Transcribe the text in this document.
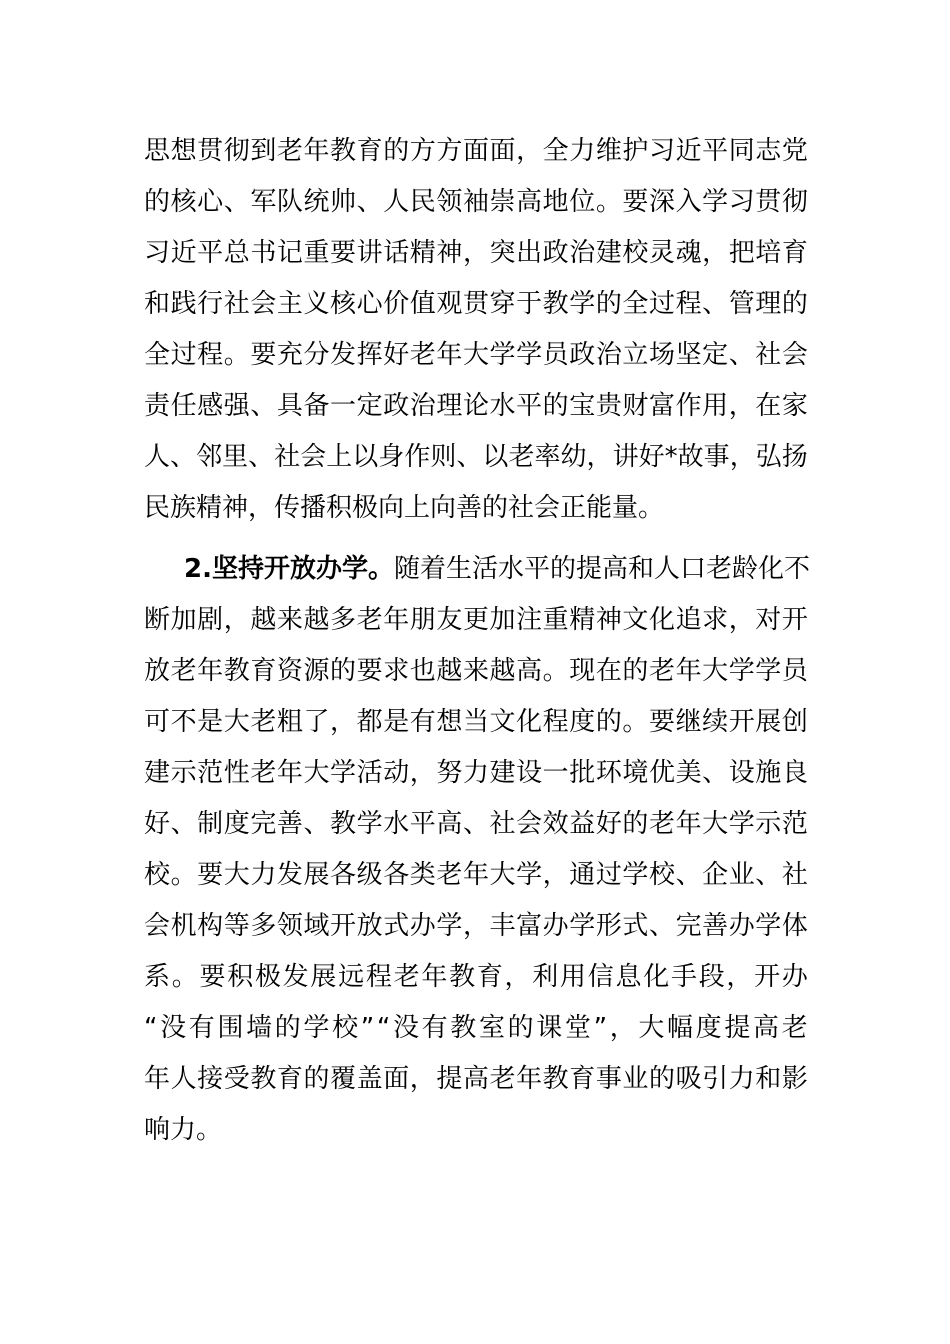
思 想 贯 彻 到 老 年 教 育 的 方 方 面 面 ， 全 力 维 护 习 近 平 同 志 党
的 核 心 、 军 队 统 帅 、 人 民 领 袖 崇 高 地 位 。 要 深 入 学 习 贯 彻
习 近 平 总 书 记 重 要 讲 话 精 神 ， 突 出 政 治 建 校 灵 魂 ， 把 培 育
和 践 行 社 会 主 义 核 心 价 值 观 贯 穿 于 教 学 的 全 过 程 、 管 理 的
全 过 程 。 要 充 分 发 挥 好 老 年 大 学 学 员 政 治 立 场 坚 定 、 社 会
责 任 感 强 、 具 备 一 定 政 治 理 论 水 平 的 宝 贵 财 富 作 用 ， 在 家
人 、 邻 里 、 社 会 上 以 身 作 则 、 以 老 率 幼 ， 讲 好 * 故 事 ， 弘 扬
民族精神，传播积极向上向善的社会正能量。
2.坚持开放办学。 随着生活水平的提高和人口老龄化不
断 加 剧 ， 越 来 越 多 老 年 朋 友 更 加 注 重 精 神 文 化 追 求 ， 对 开
放 老 年 教 育 资 源 的 要 求 也 越 来 越 高 。 现 在 的 老 年 大 学 学 员
可 不 是 大 老 粗 了 ， 都 是 有 想 当 文 化 程 度 的 。 要 继 续 开 展 创
建 示 范 性 老 年 大 学 活 动 ， 努 力 建 设 一 批 环 境 优 美 、 设 施 良
好 、 制 度 完 善 、 教 学 水 平 高 、 社 会 效 益 好 的 老 年 大 学 示 范
校 。 要 大 力 发 展 各 级 各 类 老 年 大 学 ， 通 过 学 校 、 企 业 、 社
会 机 构 等 多 领 域 开 放 式 办 学 ， 丰 富 办 学 形 式 、 完 善 办 学 体
系 。 要 积 极 发 展 远 程 老 年 教 育 ， 利 用 信 息 化 手 段 ， 开 办
“ 没 有 围 墙 的 学 校 ” “ 没 有 教 室 的 课 堂 ” ， 大 幅 度 提 高 老
年 人 接 受 教 育 的 覆 盖 面 ， 提 高 老 年 教 育 事 业 的 吸 引 力 和 影
响力。
